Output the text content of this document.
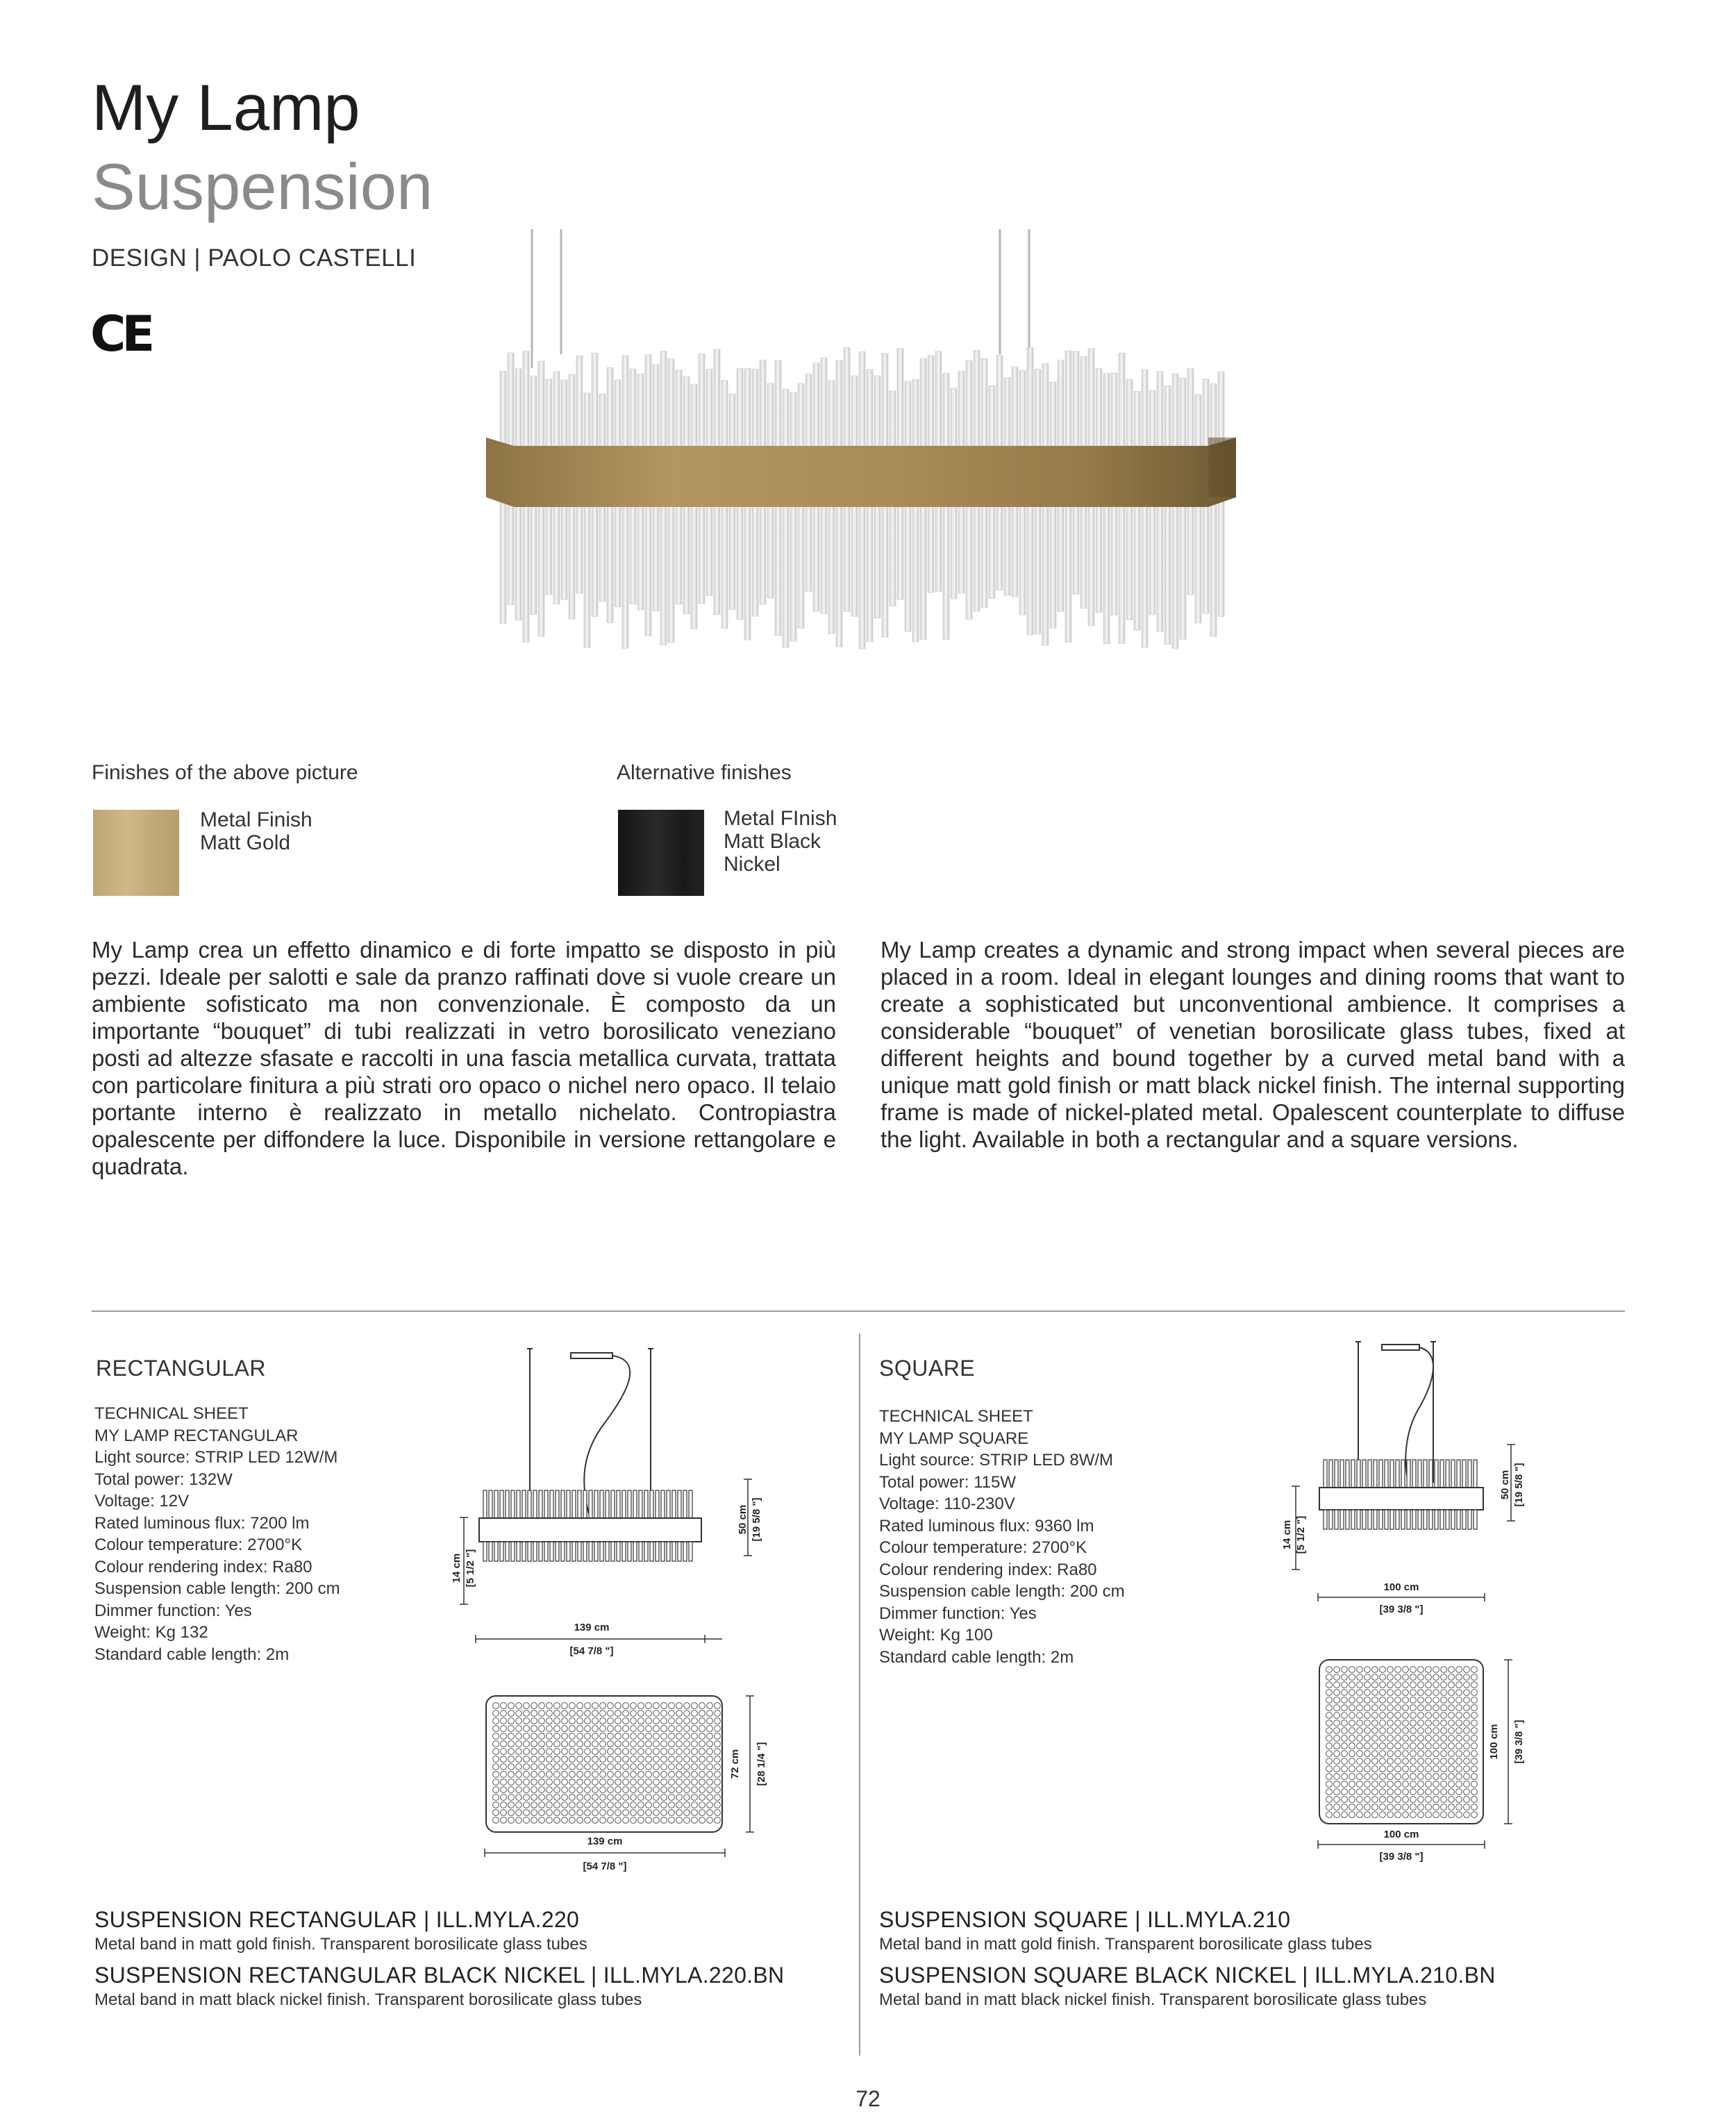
My Lamp
Suspension
DESIGN | PAOLO CASTELLI
CE
Finishes of the above picture
Metal Finish
Matt Gold
Alternative finishes
Metal FInish
Matt Black
Nickel
My Lamp crea un effetto dinamico e di forte impatto se disposto in più pezzi. Ideale per salotti e sale da pranzo raffinati dove si vuole creare un ambiente sofisticato ma non convenzionale. È composto da un importante “bouquet” di tubi realizzati in vetro borosilicato veneziano posti ad altezze sfasate e raccolti in una fascia metallica curvata, trattata con particolare finitura a più strati oro opaco o nichel nero opaco. Il telaio portante interno è realizzato in metallo nichelato. Contropiastra opalescente per diffondere la luce. Disponibile in versione rettangolare e quadrata.
My Lamp creates a dynamic and strong impact when several pieces are placed in a room. Ideal in elegant lounges and dining rooms that want to create a sophisticated but unconventional ambience. It comprises a considerable “bouquet” of venetian borosilicate glass tubes, fixed at different heights and bound together by a curved metal band with a unique matt gold finish or matt black nickel finish. The internal supporting frame is made of nickel-plated metal. Opalescent counterplate to diffuse the light. Available in both a rectangular and a square versions.
RECTANGULAR
TECHNICAL SHEET
MY LAMP RECTANGULAR
Light source: STRIP LED 12W/M
Total power: 132W
Voltage: 12V
Rated luminous flux: 7200 lm
Colour temperature: 2700°K
Colour rendering index: Ra80
Suspension cable length: 200 cm
Dimmer function: Yes
Weight: Kg 132
Standard cable length: 2m
14 cm [5 1/2 "]
50 cm [19 5/8 "]
139 cm
[54 7/8 "]
72 cm [28 1/4 "]
139 cm
[54 7/8 "]
SUSPENSION RECTANGULAR | ILL.MYLA.220
Metal band in matt gold finish. Transparent borosilicate glass tubes
SUSPENSION RECTANGULAR BLACK NICKEL | ILL.MYLA.220.BN
Metal band in matt black nickel finish. Transparent borosilicate glass tubes
SQUARE
TECHNICAL SHEET
MY LAMP SQUARE
Light source: STRIP LED 8W/M
Total power: 115W
Voltage: 110-230V
Rated luminous flux: 9360 lm
Colour temperature: 2700°K
Colour rendering index: Ra80
Suspension cable length: 200 cm
Dimmer function: Yes
Weight: Kg 100
Standard cable length: 2m
14 cm [5 1/2 "]
50 cm [19 5/8 "]
100 cm
[39 3/8 "]
100 cm [39 3/8 "]
100 cm
[39 3/8 "]
SUSPENSION SQUARE | ILL.MYLA.210
Metal band in matt gold finish. Transparent borosilicate glass tubes
SUSPENSION SQUARE BLACK NICKEL | ILL.MYLA.210.BN
Metal band in matt black nickel finish. Transparent borosilicate glass tubes
72
